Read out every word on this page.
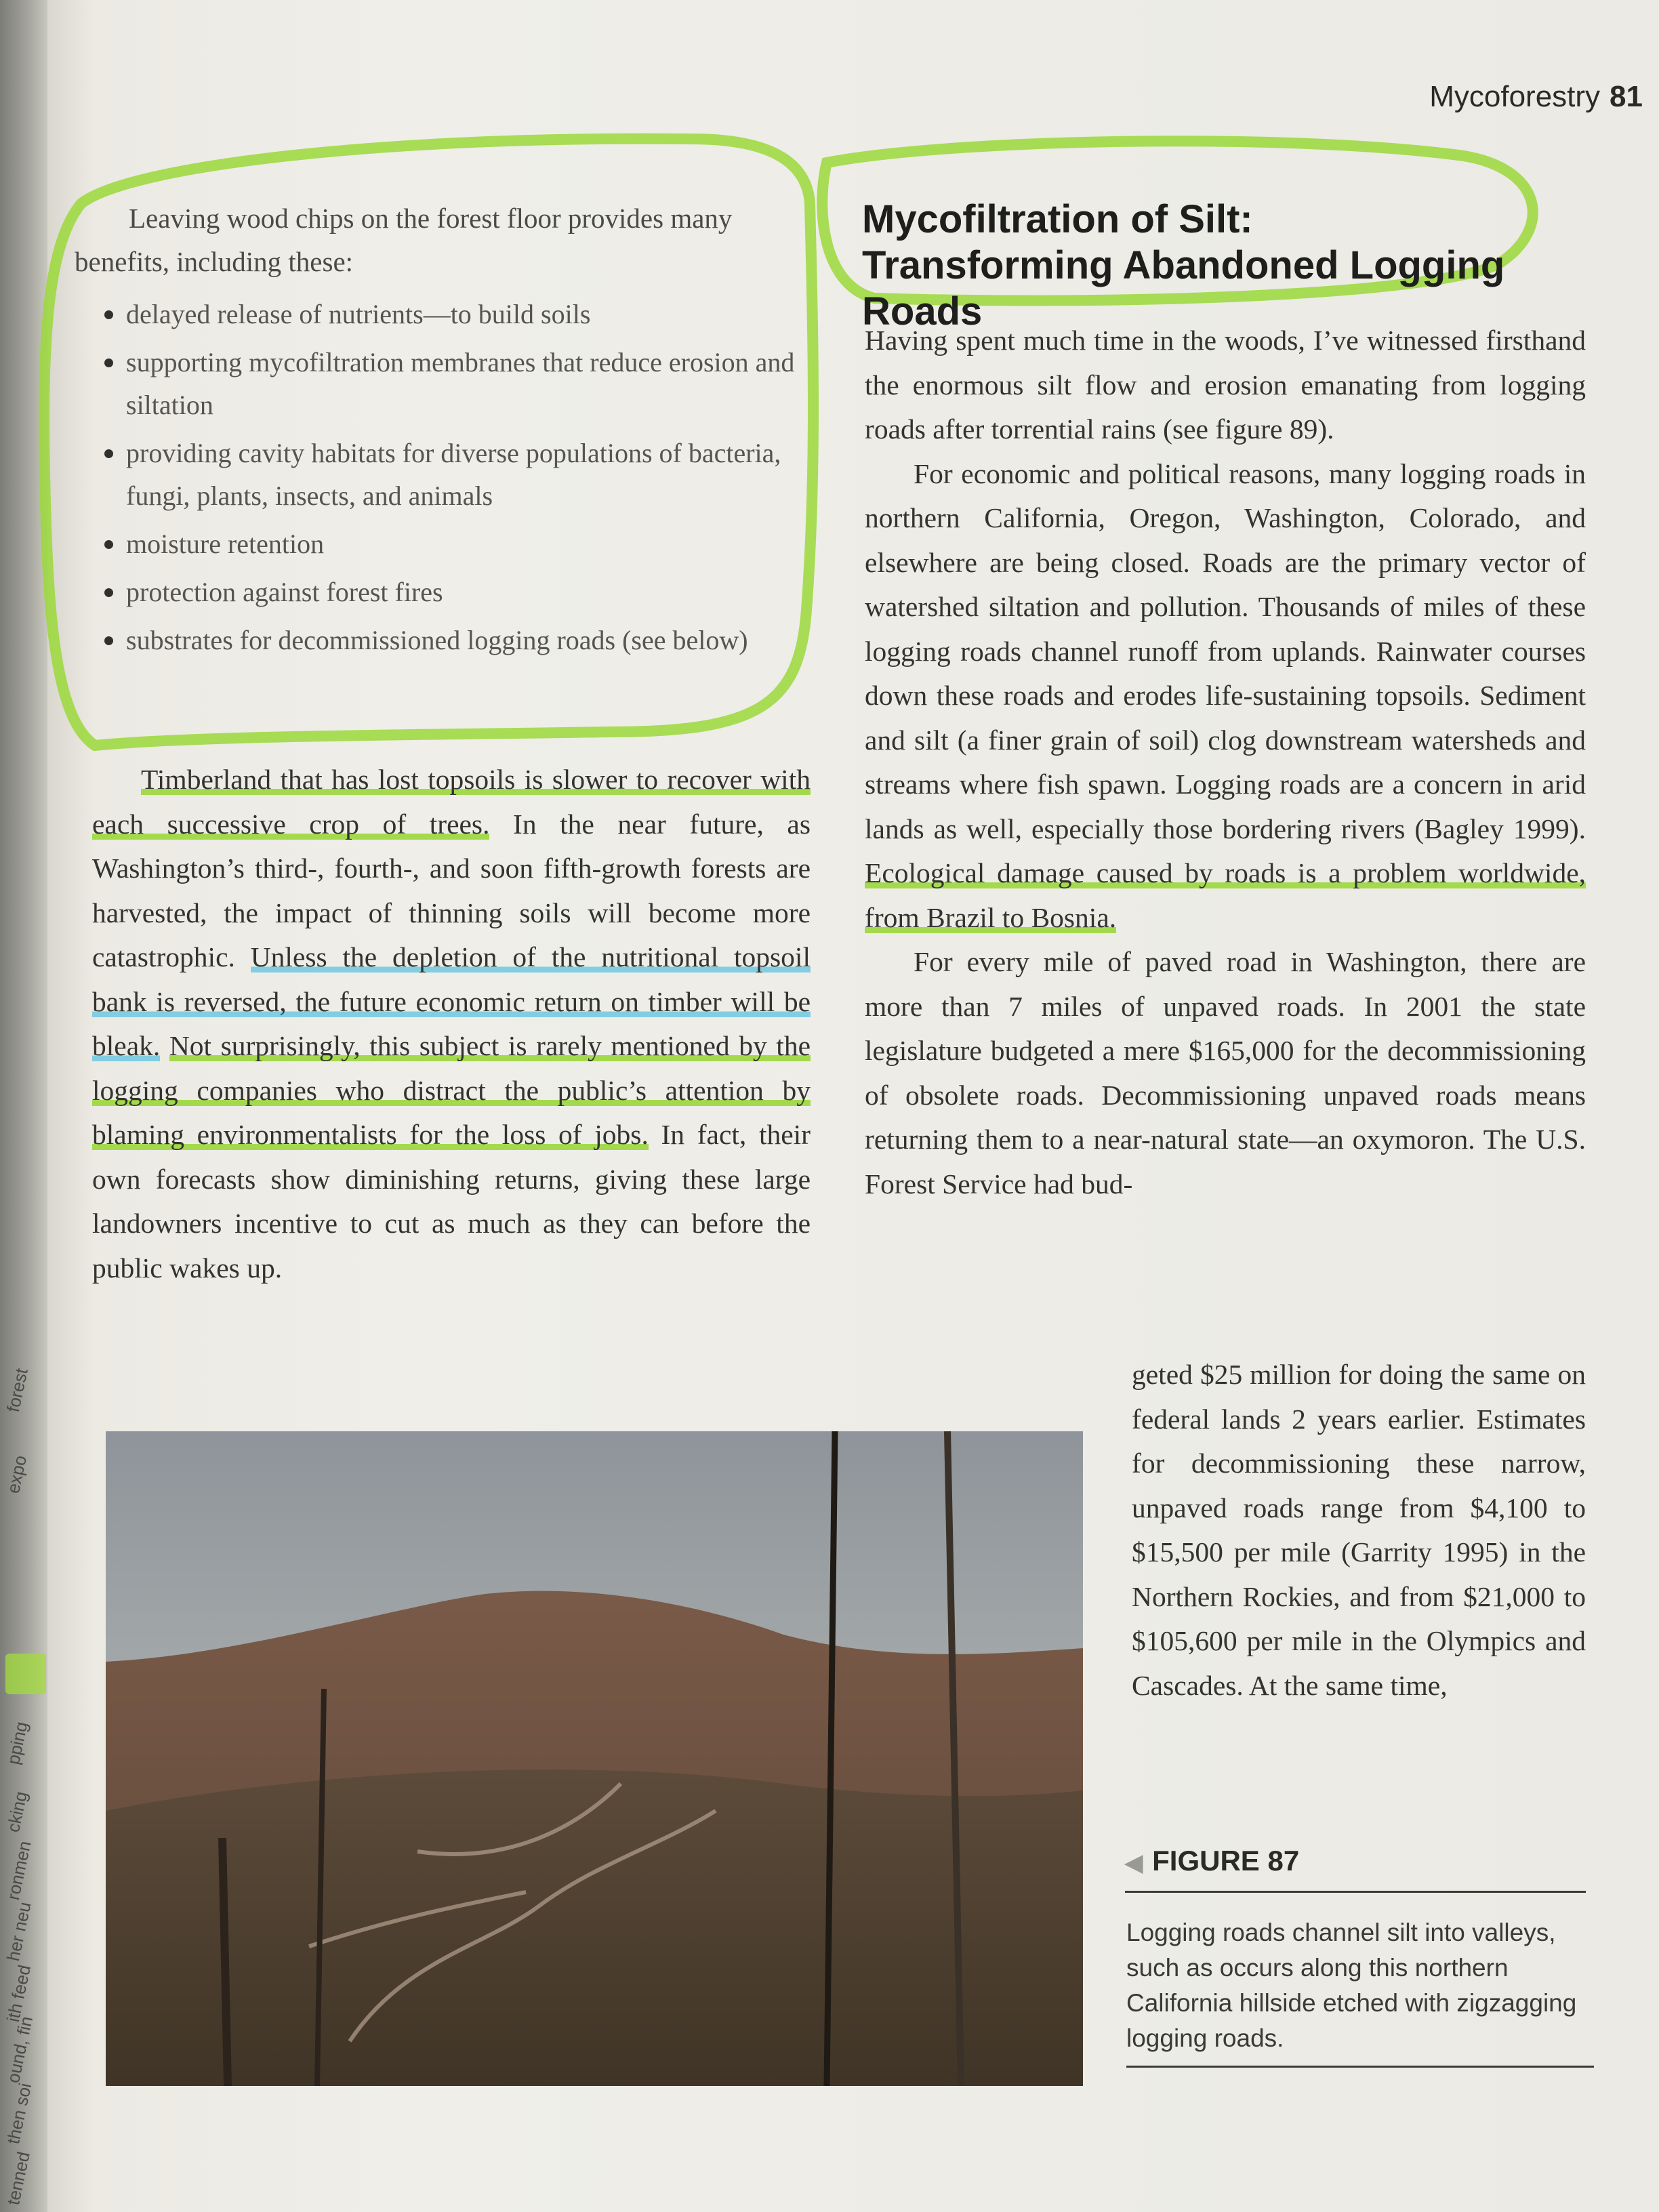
forest
expo
pping
cking
ronmen
her neu
ith feed
ound, fin
then soi
tenned
Mycoforestry 81

Leaving wood chips on the forest floor provides many benefits, including these:

delayed release of nutrients—to build soils
supporting mycofiltration membranes that reduce erosion and siltation
providing cavity habitats for diverse populations of bacteria, fungi, plants, insects, and animals
moisture retention
protection against forest fires
substrates for decommissioned logging roads (see below)

Timberland that has lost topsoils is slower to recover with each successive crop of trees. In the near future, as Washington’s third-, fourth-, and soon fifth-growth forests are harvested, the impact of thinning soils will become more catastrophic. Unless the depletion of the nutritional topsoil bank is reversed, the future economic return on timber will be bleak. Not surprisingly, this subject is rarely mentioned by the logging companies who distract the public’s attention by blaming environmentalists for the loss of jobs. In fact, their own forecasts show diminishing returns, giving these large landowners incentive to cut as much as they can before the public wakes up.

Mycofiltration of Silt: Transforming Abandoned Logging Roads

Having spent much time in the woods, I’ve witnessed firsthand the enormous silt flow and erosion emanating from logging roads after torrential rains (see figure 89).

For economic and political reasons, many logging roads in northern California, Oregon, Washington, Colorado, and elsewhere are being closed. Roads are the primary vector of watershed siltation and pollution. Thousands of miles of these logging roads channel runoff from uplands. Rainwater courses down these roads and erodes life-sustaining topsoils. Sediment and silt (a finer grain of soil) clog downstream watersheds and streams where fish spawn. Logging roads are a concern in arid lands as well, especially those bordering rivers (Bagley 1999). Ecological damage caused by roads is a problem worldwide, from Brazil to Bosnia.

For every mile of paved road in Washington, there are more than 7 miles of unpaved roads. In 2001 the state legislature budgeted a mere $165,000 for the decommissioning of obsolete roads. Decommissioning unpaved roads means returning them to a near-natural state—an oxymoron. The U.S. Forest Service had bud-

geted $25 million for doing the same on federal lands 2 years earlier. Estimates for decommissioning these narrow, unpaved roads range from $4,100 to $15,500 per mile (Garrity 1995) in the Northern Rockies, and from $21,000 to $105,600 per mile in the Olympics and Cascades. At the same time,

◀ FIGURE 87
Logging roads channel silt into valleys, such as occurs along this northern California hillside etched with zigzagging logging roads.
